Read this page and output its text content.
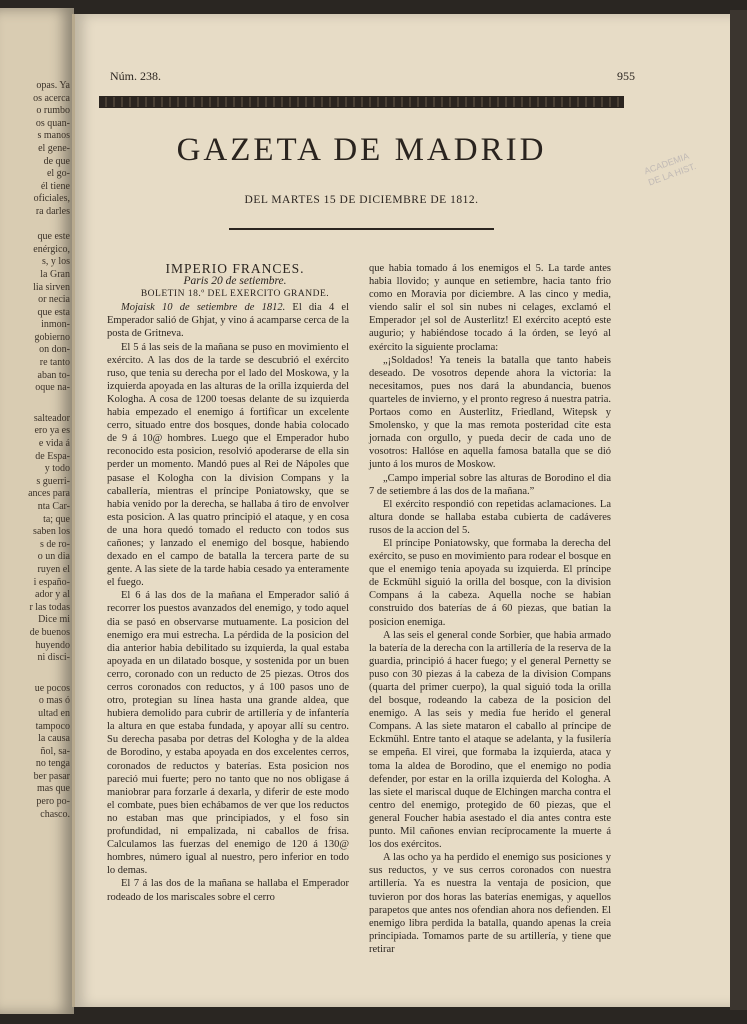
opas. Ya
os acerca
o rumbo
os quan-
s manos
el gene-
de que
el go-
él tiene
oficiales,
ra darles

que este
enérgico,
s, y los
la Gran
lia sirven
or necia
que esta
inmon-
gobierno
on don-
re tanto
aban to-
oque na-
salteador
ero ya es
e vida á
de Espa-
y todo
s guerri-
ances para
nta Car-
ta; que
saben los
s de ro-
o un dia
ruyen el
i españo-
ador y al
r las todas
Dice mi
de buenos
huyendo
ni disci-
ue pocos
o mas ó
ultad en
tampoco
la causa
ñol, sa-
no tenga
ber pasar
mas que
pero po-
chasco.
Núm. 238.	955
GAZETA DE MADRID
DEL MARTES 15 DE DICIEMBRE DE 1812.
ACADEMIA DE LA HIST.

IMPERIO FRANCES.

Paris 20 de setiembre.

BOLETIN 18.º DEL EXERCITO GRANDE.

Mojaisk 10 de setiembre de 1812. El dia 4 el Emperador salió de Ghjat, y vino á acamparse cerca de la posta de Gritneva.

El 5 á las seis de la mañana se puso en movimiento el exército. A las dos de la tarde se descubrió el exército ruso, que tenia su derecha por el lado del Moskowa, y la izquierda apoyada en las alturas de la orilla izquierda del Kologha. A cosa de 1200 toesas delante de su izquierda habia empezado el enemigo á fortificar un excelente cerro, situado entre dos bosques, donde habia colocado de 9 á 10@ hombres. Luego que el Emperador hubo reconocido esta posicion, resolvió apoderarse de ella sin perder un momento. Mandó pues al Rei de Nápoles que pasase el Kologha con la division Compans y la caballería, mientras el príncipe Poniatowsky, que se habia venido por la derecha, se hallaba á tiro de envolver esta posicion. A las quatro principió el ataque, y en cosa de una hora quedó tomado el reducto con todos sus cañones; y lanzado el enemigo del bosque, habiendo dexado en el campo de batalla la tercera parte de su gente. A las siete de la tarde habia cesado ya enteramente el fuego.

El 6 á las dos de la mañana el Emperador salió á recorrer los puestos avanzados del enemigo, y todo aquel dia se pasó en observarse mutuamente. La posicion del enemigo era mui estrecha. La pérdida de la posicion del dia anterior habia debilitado su izquierda, la qual estaba apoyada en un dilatado bosque, y sostenida por un buen cerro, coronado con un reducto de 25 piezas. Otros dos cerros coronados con reductos, y á 100 pasos uno de otro, protegian su línea hasta una grande aldea, que hubiera demolido para cubrir de artillería y de infantería la altura en que estaba fundada, y apoyar allí su centro. Su derecha pasaba por detras del Kologha y de la aldea de Borodino, y estaba apoyada en dos excelentes cerros, coronados de reductos y baterías. Esta posicion nos pareció mui fuerte; pero no tanto que no nos obligase á maniobrar para forzarle á dexarla, y diferir de este modo el combate, pues bien echábamos de ver que los reductos no estaban mas que principiados, y el foso sin profundidad, ni empalizada, ni caballos de frisa. Calculamos las fuerzas del enemigo de 120 á 130@ hombres, número igual al nuestro, pero inferior en todo lo demas.

El 7 á las dos de la mañana se hallaba el Emperador rodeado de los mariscales sobre el cerro

que habia tomado á los enemigos el 5. La tarde antes habia llovido; y aunque en setiembre, hacia tanto frio como en Moravia por diciembre. A las cinco y media, viendo salir el sol sin nubes ni celages, exclamó el Emperador ¡el sol de Austerlitz! El exército aceptó este augurio; y habiéndose tocado á la órden, se leyó al exército la siguiente proclama:

„¡Soldados! Ya teneis la batalla que tanto habeis deseado. De vosotros depende ahora la victoria: la necesitamos, pues nos dará la abundancia, buenos quarteles de invierno, y el pronto regreso á nuestra patria. Portaos como en Austerlitz, Friedland, Witepsk y Smolensko, y que la mas remota posteridad cite esta jornada con orgullo, y pueda decir de cada uno de vosotros: Hallóse en aquella famosa batalla que se dió junto á los muros de Moskow.

„Campo imperial sobre las alturas de Borodino el dia 7 de setiembre á las dos de la mañana.”

El exército respondió con repetidas aclamaciones. La altura donde se hallaba estaba cubierta de cadáveres rusos de la accion del 5.

El príncipe Poniatowsky, que formaba la derecha del exército, se puso en movimiento para rodear el bosque en que el enemigo tenia apoyada su izquierda. El príncipe de Eckmühl siguió la orilla del bosque, con la division Compans á la cabeza. Aquella noche se habian construido dos baterías de á 60 piezas, que batian la posicion enemiga.

A las seis el general conde Sorbier, que habia armado la batería de la derecha con la artillería de la reserva de la guardia, principió á hacer fuego; y el general Pernetty se puso con 30 piezas á la cabeza de la division Compans (quarta del primer cuerpo), la qual siguió toda la orilla del bosque, rodeando la cabeza de la posicion del enemigo. A las seis y media fue herido el general Compans. A las siete mataron el caballo al príncipe de Eckmühl. Entre tanto el ataque se adelanta, y la fusilería se empeña. El virei, que formaba la izquierda, ataca y toma la aldea de Borodino, que el enemigo no podia defender, por estar en la orilla izquierda del Kologha. A las siete el mariscal duque de Elchingen marcha contra el centro del enemigo, protegido de 60 piezas, que el general Foucher habia asestado el dia antes contra este punto. Mil cañones envian recíprocamente la muerte á los dos exércitos.

A las ocho ya ha perdido el enemigo sus posiciones y sus reductos, y ve sus cerros coronados con nuestra artillería. Ya es nuestra la ventaja de posicion, que tuvieron por dos horas las baterías enemigas, y aquellos parapetos que antes nos ofendian ahora nos defienden. El enemigo libra perdida la batalla, quando apenas la creia principiada. Tomamos parte de su artillería, y tiene que retirar
